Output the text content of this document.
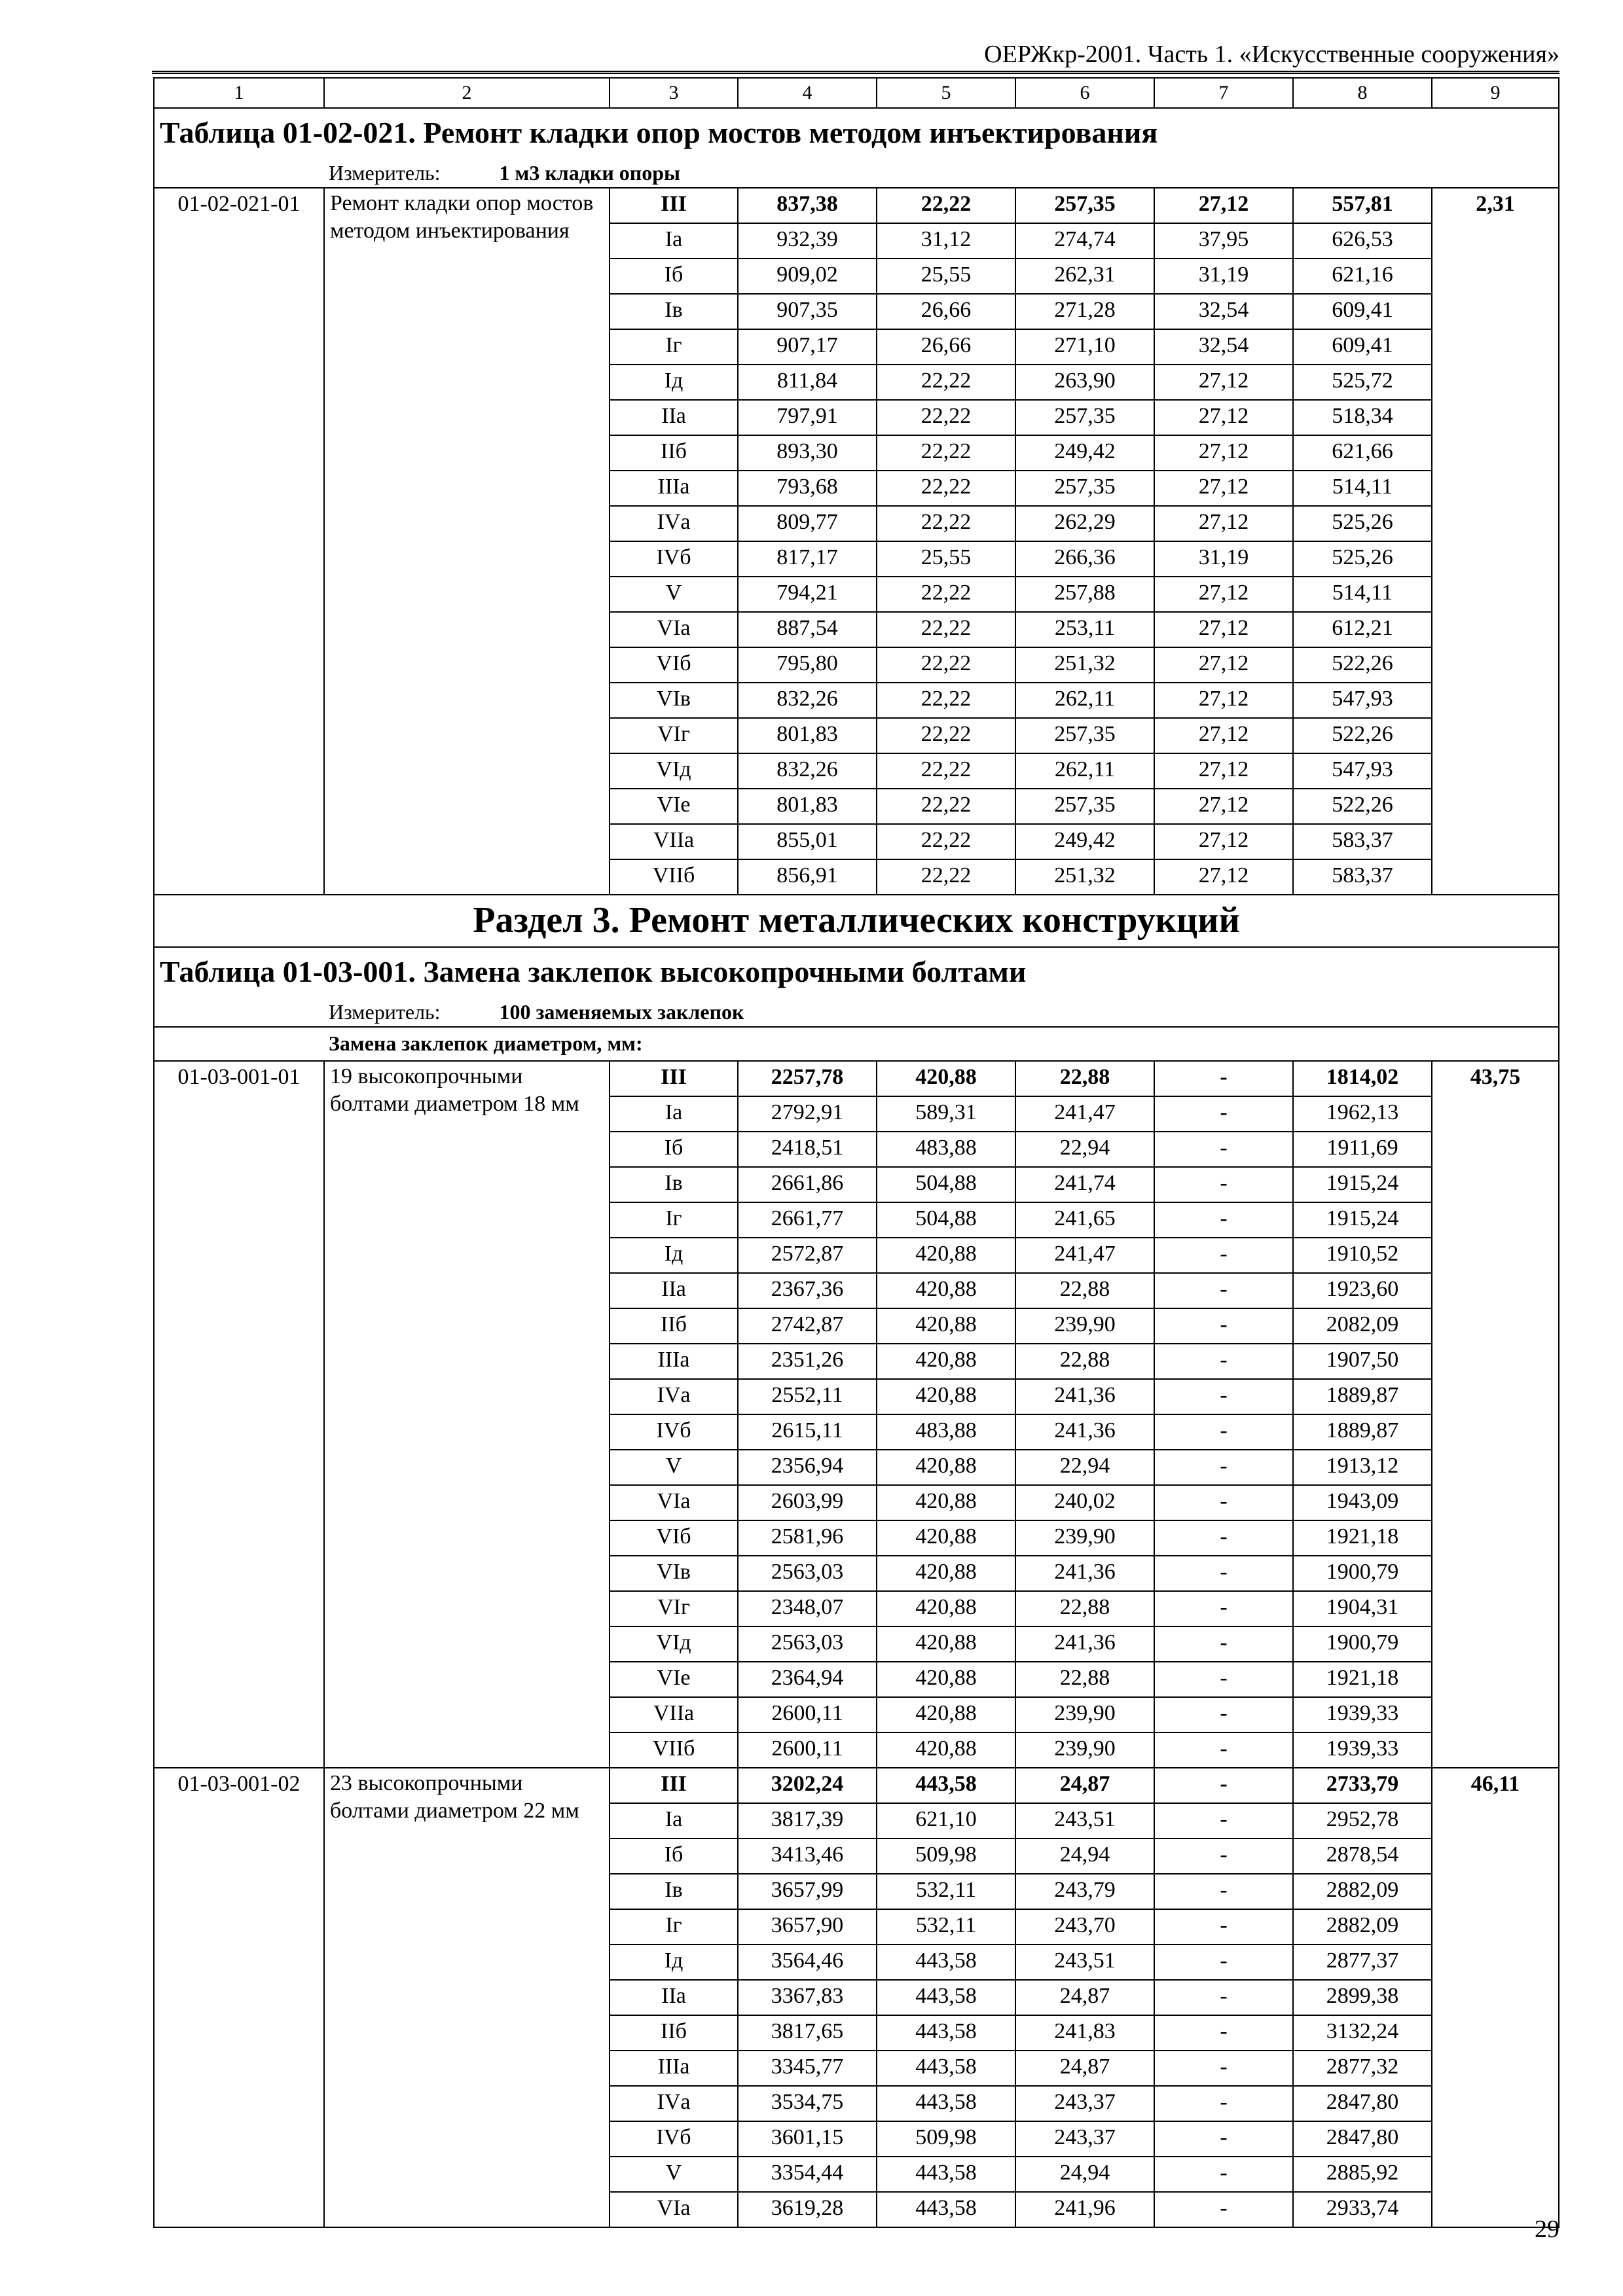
ОЕРЖкр-2001. Часть 1. «Искусственные сооружения»
1	2	3	4	5	6	7	8	9
Таблица 01-02-021. Ремонт кладки опор мостов методом инъектирования								
Измеритель: 1 м3 кладки опоры								
01-02-021-01	Ремонт кладки опор мостов методом инъектирования	III	837,38	22,22	257,35	27,12	557,81	2,31
		Iа	932,39	31,12	274,74	37,95	626,53	
		Iб	909,02	25,55	262,31	31,19	621,16	
		Iв	907,35	26,66	271,28	32,54	609,41	
		Iг	907,17	26,66	271,10	32,54	609,41	
		Iд	811,84	22,22	263,90	27,12	525,72	
		IIа	797,91	22,22	257,35	27,12	518,34	
		IIб	893,30	22,22	249,42	27,12	621,66	
		IIIа	793,68	22,22	257,35	27,12	514,11	
		IVа	809,77	22,22	262,29	27,12	525,26	
		IVб	817,17	25,55	266,36	31,19	525,26	
		V	794,21	22,22	257,88	27,12	514,11	
		VIа	887,54	22,22	253,11	27,12	612,21	
		VIб	795,80	22,22	251,32	27,12	522,26	
		VIв	832,26	22,22	262,11	27,12	547,93	
		VIг	801,83	22,22	257,35	27,12	522,26	
		VIд	832,26	22,22	262,11	27,12	547,93	
		VIе	801,83	22,22	257,35	27,12	522,26	
		VIIа	855,01	22,22	249,42	27,12	583,37	
		VIIб	856,91	22,22	251,32	27,12	583,37	
Раздел 3. Ремонт металлических конструкций								
Таблица 01-03-001. Замена заклепок высокопрочными болтами								
Измеритель: 100 заменяемых заклепок								
Замена заклепок диаметром, мм:								
01-03-001-01	19 высокопрочными болтами диаметром 18 мм	III	2257,78	420,88	22,88	-	1814,02	43,75
		Iа	2792,91	589,31	241,47	-	1962,13	
		Iб	2418,51	483,88	22,94	-	1911,69	
		Iв	2661,86	504,88	241,74	-	1915,24	
		Iг	2661,77	504,88	241,65	-	1915,24	
		Iд	2572,87	420,88	241,47	-	1910,52	
		IIа	2367,36	420,88	22,88	-	1923,60	
		IIб	2742,87	420,88	239,90	-	2082,09	
		IIIа	2351,26	420,88	22,88	-	1907,50	
		IVа	2552,11	420,88	241,36	-	1889,87	
		IVб	2615,11	483,88	241,36	-	1889,87	
		V	2356,94	420,88	22,94	-	1913,12	
		VIа	2603,99	420,88	240,02	-	1943,09	
		VIб	2581,96	420,88	239,90	-	1921,18	
		VIв	2563,03	420,88	241,36	-	1900,79	
		VIг	2348,07	420,88	22,88	-	1904,31	
		VIд	2563,03	420,88	241,36	-	1900,79	
		VIе	2364,94	420,88	22,88	-	1921,18	
		VIIа	2600,11	420,88	239,90	-	1939,33	
		VIIб	2600,11	420,88	239,90	-	1939,33	
01-03-001-02	23 высокопрочными болтами диаметром 22 мм	III	3202,24	443,58	24,87	-	2733,79	46,11
		Iа	3817,39	621,10	243,51	-	2952,78	
		Iб	3413,46	509,98	24,94	-	2878,54	
		Iв	3657,99	532,11	243,79	-	2882,09	
		Iг	3657,90	532,11	243,70	-	2882,09	
		Iд	3564,46	443,58	243,51	-	2877,37	
		IIа	3367,83	443,58	24,87	-	2899,38	
		IIб	3817,65	443,58	241,83	-	3132,24	
		IIIа	3345,77	443,58	24,87	-	2877,32	
		IVа	3534,75	443,58	243,37	-	2847,80	
		IVб	3601,15	509,98	243,37	-	2847,80	
		V	3354,44	443,58	24,94	-	2885,92	
		VIа	3619,28	443,58	241,96	-	2933,74	
29
